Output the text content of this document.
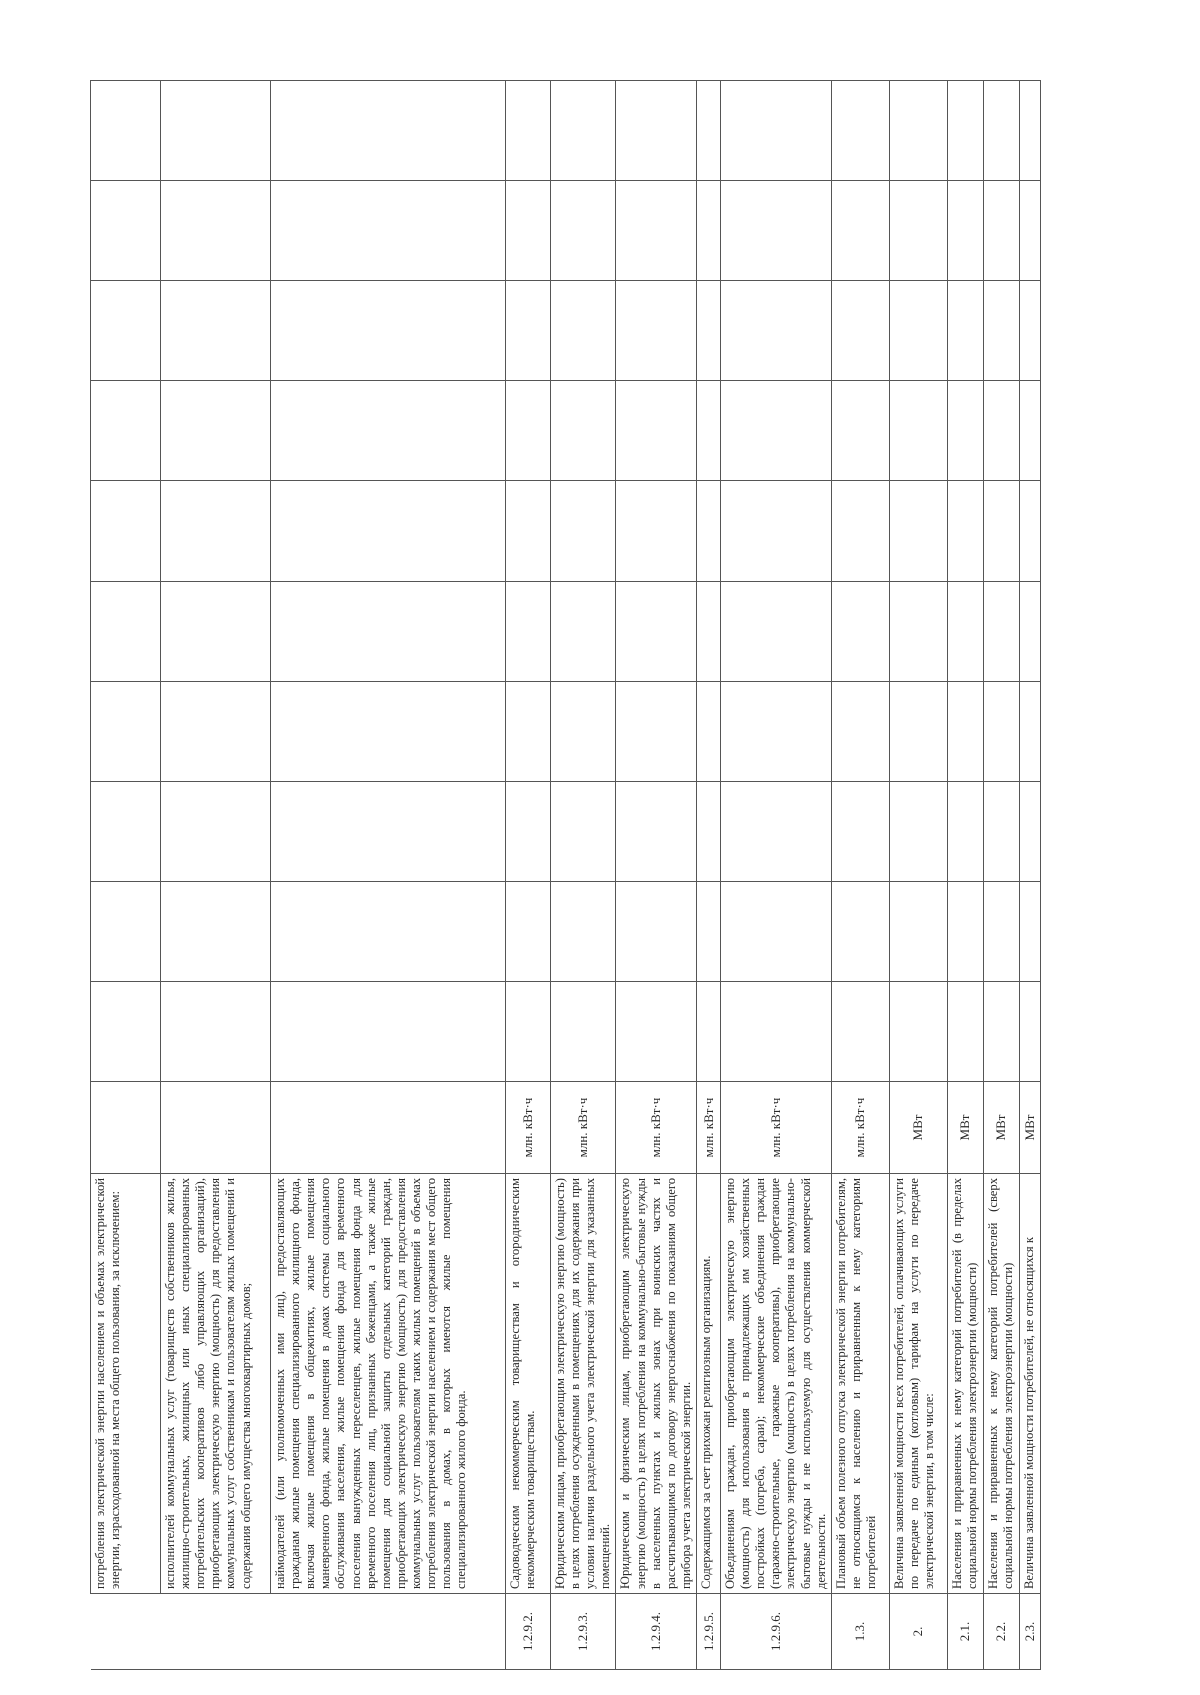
	потребления электрической энергии населением и объемах электрической энергии, израсходованной на места общего пользования, за исключением:											
	исполнителей коммунальных услуг (товариществ собственников жилья, жилищно-строительных, жилищных или иных специализированных потребительских кооперативов либо управляющих организаций), приобретающих электрическую энергию (мощность) для предоставления коммунальных услуг собственникам и пользователям жилых помещений и содержания общего имущества многоквартирных домов;											
	наймодателей (или уполномоченных ими лиц), предоставляющих гражданам жилые помещения специализированного жилищного фонда, включая жилые помещения в общежитиях, жилые помещения маневренного фонда, жилые помещения в домах системы социального обслуживания населения, жилые помещения фонда для временного поселения вынужденных переселенцев, жилые помещения фонда для временного поселения лиц, признанных беженцами, а также жилые помещения для социальной защиты отдельных категорий граждан, приобретающих электрическую энергию (мощность) для предоставления коммунальных услуг пользователям таких жилых помещений в объемах потребления электрической энергии населением и содержания мест общего пользования в домах, в которых имеются жилые помещения специализированного жилого фонда.											
1.2.9.2.	Садоводческим некоммерческим товариществам и огородническим некоммерческим товариществам.	млн. кВт·ч										
1.2.9.3.	Юридическим лицам, приобретающим электрическую энергию (мощность) в целях потребления осужденными в помещениях для их содержания при условии наличия раздельного учета электрической энергии для указанных помещений.	млн. кВт·ч										
1.2.9.4.	Юридическим и физическим лицам, приобретающим электрическую энергию (мощность) в целях потребления на коммунально-бытовые нужды в населенных пунктах и жилых зонах при воинских частях и рассчитывающимся по договору энергоснабжения по показаниям общего прибора учета электрической энергии.	млн. кВт·ч										
1.2.9.5.	Содержащимся за счет прихожан религиозным организациям.	млн. кВт·ч										
1.2.9.6.	Объединениям граждан, приобретающим электрическую энергию (мощность) для использования в принадлежащих им хозяйственных постройках (погреба, сараи); некоммерческие объединения граждан (гаражно-строительные, гаражные кооперативы), приобретающие электрическую энергию (мощность) в целях потребления на коммунально-бытовые нужды и не используемую для осуществления коммерческой деятельности.	млн. кВт·ч										
1.3.	Плановый объем полезного отпуска электрической энергии потребителям, не относящимся к населению и приравненным к нему категориям потребителей	млн. кВт·ч										
2.	Величина заявленной мощности всех потребителей, оплачивающих услуги по передаче по единым (котловым) тарифам на услуги по передаче электрической энергии, в том числе:	МВт										
2.1.	Населения и приравненных к нему категорий потребителей (в пределах социальной нормы потребления электроэнергии (мощности)	МВт										
2.2.	Населения и приравненных к нему категорий потребителей (сверх социальной нормы потребления электроэнергии (мощности)	МВт										
2.3.	Величина заявленной мощности потребителей, не относящихся к	МВт										
